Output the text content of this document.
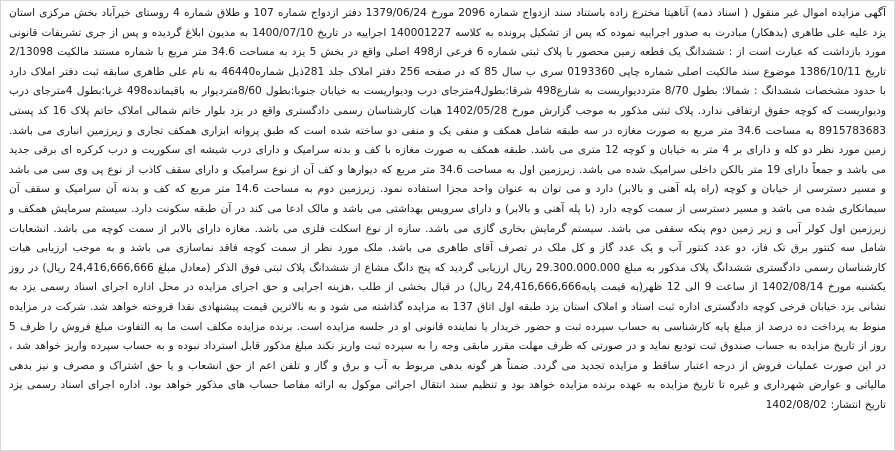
آگهی مزایده اموال غیر منقول ( اسناد ذمه) آناهیتا مخترع زاده باستناد سند ازدواج شماره 2096 مورخ 1379/06/24 دفتر ازدواج شماره 107 و طلاق شماره 4 روستای خیرآباد بخش مرکزی استان یزد علیه علی طاهری (بدهکار) مبادرت به صدور اجراییه نموده که پس از تشکیل پرونده به کلاسه 140001227 اجراییه در تاریخ 1400/07/10 به مدیون ابلاغ گردیده و پس از جری تشریفات قانونی مورد بازداشت که عبارت است از : ششدانگ یک قطعه زمین محصور با پلاک ثبتی شماره 6 فرعی از498 اصلی واقع در بخش 5 یزد به مساحت 34.6 متر مربع با شماره مستند مالکیت 2/13098 تاریخ 1386/10/11 موضوع سند مالکیت اصلی شماره چاپی 0193360 سری ب سال 85 که در صفحه 256 دفتر املاک جلد 281ذیل شماره46440 به نام علی طاهری سابقه ثبت دفتر املاک دارد با حدود مشخصات ششدانگ : شمالا: بطول 8/70 مترددیواریست به شارع498 شرقا:بطول4مترجای درب ودیواریست به خیابان جنوبا:بطول 8/60متردیوار به باقیمانده498 غربا:بطول 4مترجای درب ودیواریست که کوچه حقوق ارتفاقی ندارد. پلاک ثبتی مذکور به موجب گزارش مورخ 1402/05/28 هیات کارشناسان رسمی دادگستری واقع در یزد بلوار خاتم شمالی املاک حاتم پلاک 16 کد پستی 8915783683 به مساحت 34.6 متر مربع به صورت مغازه در سه طبقه شامل همکف و منفی یک و منفی دو ساخته شده است که طبق پروانه ابزاری همکف تجاری و زیرزمین انباری می باشد. زمین مورد نظر دو کله و دارای بر 4 متر به خیابان و کوچه 12 متری می باشد. طبقه همکف به صورت مغازه با کف و بدنه سرامیک و دارای درب شیشه ای سکوریت و درب کرکره ای برقی جدید می باشد و جمعاً دارای 19 متر بالکن داخلی سرامیک شده می باشد. زیرزمین اول به مساحت 34.6 متر مربع که دیوارها و کف آن از نوع سرامیک و دارای سقف کاذب از نوع پی وی سی می باشد و مسیر دسترسی از خیابان و کوچه (راه پله آهنی و بالابر) دارد و می توان به عنوان واحد مجزا استفاده نمود. زیرزمین دوم به مساحت 14.6 متر مربع که کف و بدنه آن سرامیک و سقف آن سیمانکاری شده می باشد و مسیر دسترسی از سمت کوچه دارد (با پله آهنی و بالابر) و دارای سرویس بهداشتی می باشد و مالک ادعا می کند در آن طبقه سکونت دارد. سیستم سرمایش همکف و زیرزمین اول کولر آبی و زیر زمین دوم پنکه سقفی می باشد. سیستم گرمایش بخاری گازی می باشد. سازه از نوع اسکلت فلزی می باشد. مغازه دارای بالابر از سمت کوچه می باشد. انشعابات شامل سه کنتور برق تک فاز، دو عدد کنتور آب و یک عدد گاز و کل ملک در تصرف آقای طاهری می باشد. ملک مورد نظر از سمت کوچه فاقد نماسازی می باشد و به موجب ارزیابی هیات کارشناسان رسمی دادگستری ششدانگ پلاک مذکور به مبلغ 29.300.000.000 ریال ارزیابی گردید که پنج دانگ مشاع از ششدانگ پلاک ثبتی فوق الذکر (معادل مبلغ 24,416,666,666 ریال) در روز یکشنبه مورخ 1402/08/14 از ساعت 9 الی 12 ظهر(به قیمت پایه24,416,666,666 ریال) در قبال بخشی از طلب ،هزینه اجرایی و حق اجرای مزایده در محل اداره اجرای اسناد رسمی یزد به نشانی یزد خیابان فرخی کوچه دادگستری اداره ثبت اسناد و املاک استان یزد طبقه اول اتاق 137 به مزایده گذاشته می شود و به بالاترین قیمت پیشنهادی نقدا فروخته خواهد شد. شرکت در مزایده منوط به پرداخت ده درصد از مبلغ پایه کارشناسی به حساب سپرده ثبت و حضور خریدار یا نماینده قانونی او در جلسه مزایده است. برنده مزایده مکلف است ما به التفاوت مبلغ فروش را ظرف 5 روز از تاریخ مزایده به حساب صندوق ثبت تودیع نماید و در صورتی که ظرف مهلت مقرر مابقی وجه را به سپرده ثبت واریز نکند مبلغ مذکور قابل استرداد نبوده و به حساب سپرده واریز خواهد شد ، در این صورت عملیات فروش از درجه اعتبار ساقط و مزایده تجدید می گردد. ضمناً هر گونه بدهی مربوط به آب و برق و گاز و تلفن اعم از حق انشعاب و یا حق اشتراک و مصرف و نیز بدهی مالیاتی و عوارض شهرداری و غیره تا تاریخ مزایده به عهده برنده مزایده خواهد بود و تنظیم سند انتقال اجرائی موکول به ارائه مفاصا حساب های مذکور خواهد بود. اداره اجرای اسناد رسمی یزد تاریخ انتشار: 1402/08/02
